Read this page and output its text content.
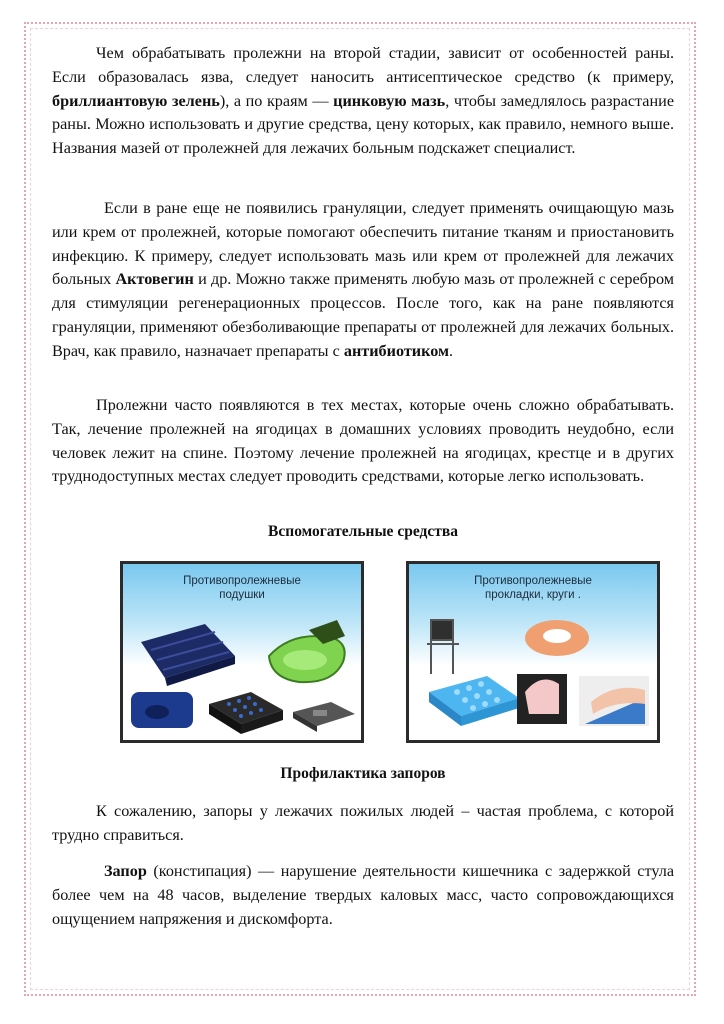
Чем обрабатывать пролежни на второй стадии, зависит от особенностей раны. Если образовалась язва, следует наносить антисептическое средство (к примеру, бриллиантовую зелень), а по краям — цинковую мазь, чтобы замедлялось разрастание раны. Можно использовать и другие средства, цену которых, как правило, немного выше. Названия мазей от пролежней для лежачих больным подскажет специалист.

Если в ране еще не появились грануляции, следует применять очищающую мазь или крем от пролежней, которые помогают обеспечить питание тканям и приостановить инфекцию. К примеру, следует использовать мазь или крем от пролежней для лежачих больных Актовегин и др. Можно также применять любую мазь от пролежней с серебром для стимуляции регенерационных процессов. После того, как на ране появляются грануляции, применяют обезболивающие препараты от пролежней для лежачих больных. Врач, как правило, назначает препараты с антибиотиком.

Пролежни часто появляются в тех местах, которые очень сложно обрабатывать. Так, лечение пролежней на ягодицах в домашних условиях проводить неудобно, если человек лежит на спине. Поэтому лечение пролежней на ягодицах, крестце и в других труднодоступных местах следует проводить средствами, которые легко использовать.

Вспомогательные средства

Противопролежневые
подушки
Противопролежневые
прокладки, круги .

Профилактика запоров

К сожалению, запоры у лежачих пожилых людей – частая проблема, с которой трудно справиться.

Запор (констипация) — нарушение деятельности кишечника с задержкой стула более чем на 48 часов, выделение твердых каловых масс, часто сопровождающихся ощущением напряжения и дискомфорта.
